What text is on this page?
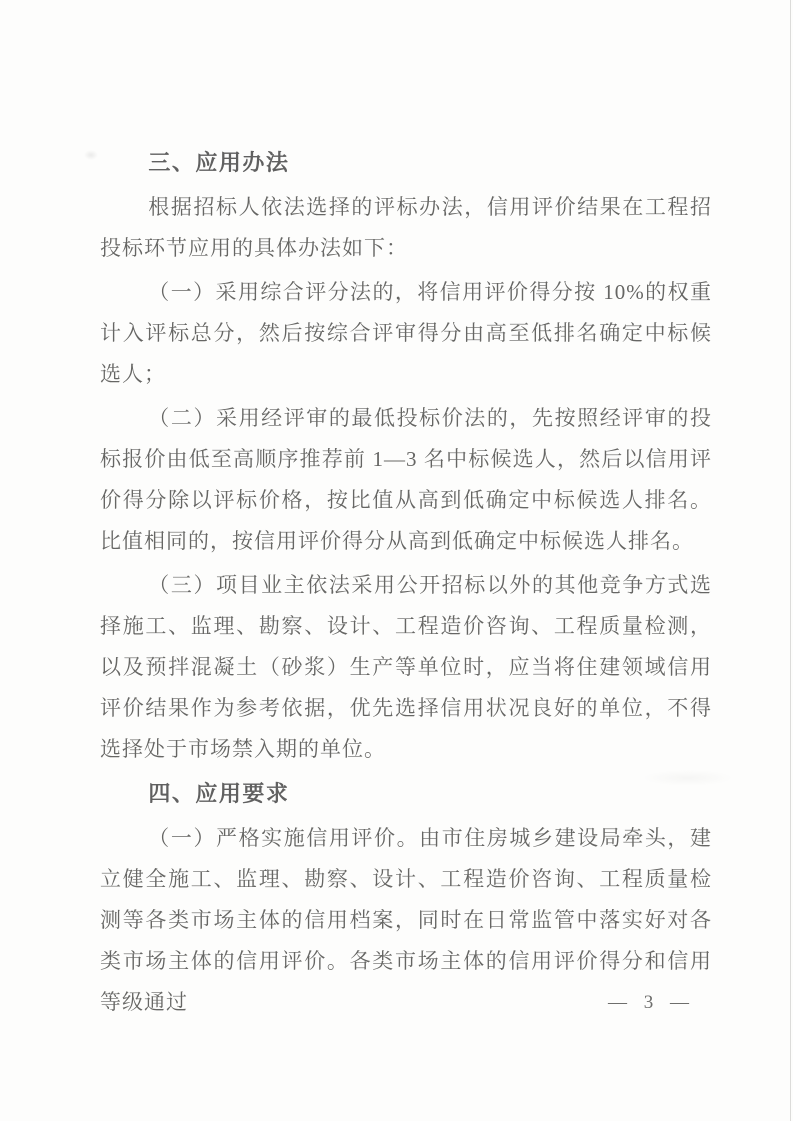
三、应用办法

根据招标人依法选择的评标办法，信用评价结果在工程招投标环节应用的具体办法如下：

（一）采用综合评分法的，将信用评价得分按 10%的权重计入评标总分，然后按综合评审得分由高至低排名确定中标候选人；

（二）采用经评审的最低投标价法的，先按照经评审的投标报价由低至高顺序推荐前 1—3 名中标候选人，然后以信用评价得分除以评标价格，按比值从高到低确定中标候选人排名。比值相同的，按信用评价得分从高到低确定中标候选人排名。

（三）项目业主依法采用公开招标以外的其他竞争方式选择施工、监理、勘察、设计、工程造价咨询、工程质量检测，以及预拌混凝土（砂浆）生产等单位时，应当将住建领域信用评价结果作为参考依据，优先选择信用状况良好的单位，不得选择处于市场禁入期的单位。

四、应用要求

（一）严格实施信用评价。由市住房城乡建设局牵头，建立健全施工、监理、勘察、设计、工程造价咨询、工程质量检测等各类市场主体的信用档案，同时在日常监管中落实好对各类市场主体的信用评价。各类市场主体的信用评价得分和信用等级通过	— 3 —
